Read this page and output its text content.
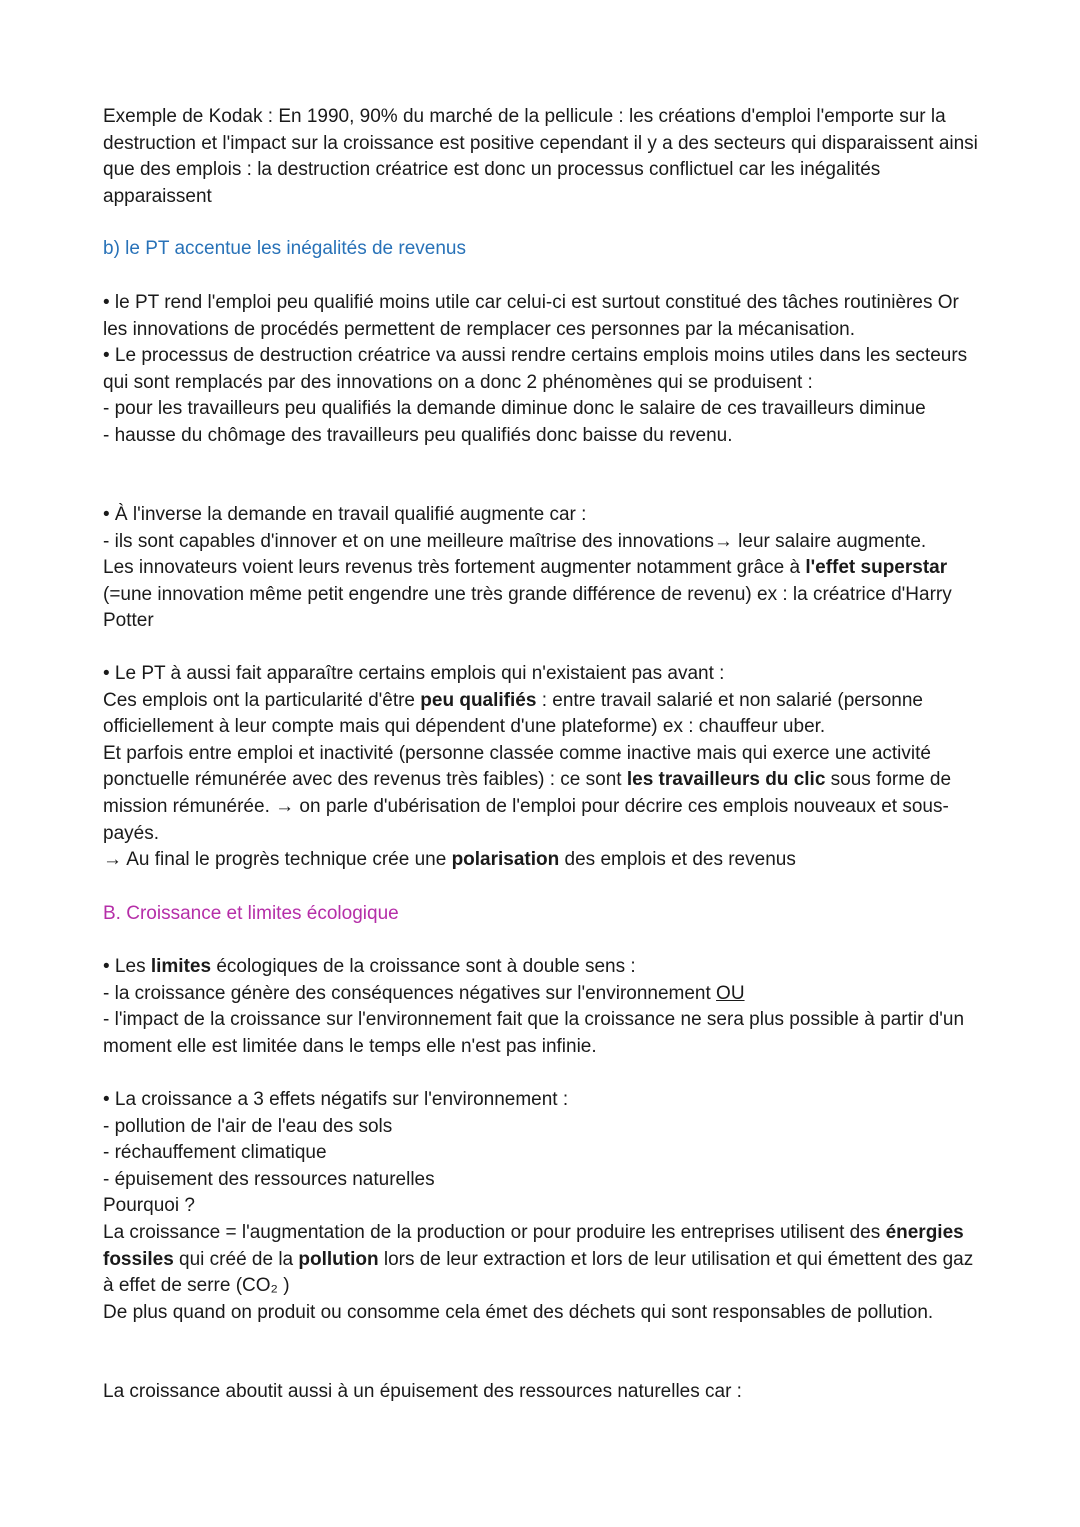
Exemple de Kodak : En 1990, 90% du marché de la pellicule : les créations d'emploi l'emporte sur la destruction et l'impact sur la croissance est positive cependant il y a des secteurs qui disparaissent ainsi que des emplois : la destruction créatrice est donc un processus conflictuel car les inégalités apparaissent

b) le PT accentue les inégalités de revenus

• le PT rend l'emploi peu qualifié moins utile car celui-ci est surtout constitué des tâches routinières Or les innovations de procédés permettent de remplacer ces personnes par la mécanisation.

• Le processus de destruction créatrice va aussi rendre certains emplois moins utiles dans les secteurs qui sont remplacés par des innovations on a donc 2 phénomènes qui se produisent :

- pour les travailleurs peu qualifiés la demande diminue donc le salaire de ces travailleurs diminue

- hausse du chômage des travailleurs peu qualifiés donc baisse du revenu.

• À l'inverse la demande en travail qualifié augmente car :

- ils sont capables d'innover et on une meilleure maîtrise des innovations→ leur salaire augmente.

Les innovateurs voient leurs revenus très fortement augmenter notamment grâce à l'effet superstar (=une innovation même petit engendre une très grande différence de revenu) ex : la créatrice d'Harry Potter

• Le PT à aussi fait apparaître certains emplois qui n'existaient pas avant :

Ces emplois ont la particularité d'être peu qualifiés : entre travail salarié et non salarié (personne officiellement à leur compte mais qui dépendent d'une plateforme) ex : chauffeur uber.

Et parfois entre emploi et inactivité (personne classée comme inactive mais qui exerce une activité ponctuelle rémunérée avec des revenus très faibles) : ce sont les travailleurs du clic sous forme de mission rémunérée. → on parle d'ubérisation de l'emploi pour décrire ces emplois nouveaux et sous-payés.

→ Au final le progrès technique crée une polarisation des emplois et des revenus

B. Croissance et limites écologique

• Les limites écologiques de la croissance sont à double sens :

- la croissance génère des conséquences négatives sur l'environnement OU

- l'impact de la croissance sur l'environnement fait que la croissance ne sera plus possible à partir d'un moment elle est limitée dans le temps elle n'est pas infinie.

• La croissance a 3 effets négatifs sur l'environnement :

- pollution de l'air de l'eau des sols

- réchauffement climatique

- épuisement des ressources naturelles

Pourquoi ?

La croissance = l'augmentation de la production or pour produire les entreprises utilisent des énergies fossiles qui créé de la pollution lors de leur extraction et lors de leur utilisation et qui émettent des gaz à effet de serre (CO₂ )

De plus quand on produit ou consomme cela émet des déchets qui sont responsables de pollution.

La croissance aboutit aussi à un épuisement des ressources naturelles car :
